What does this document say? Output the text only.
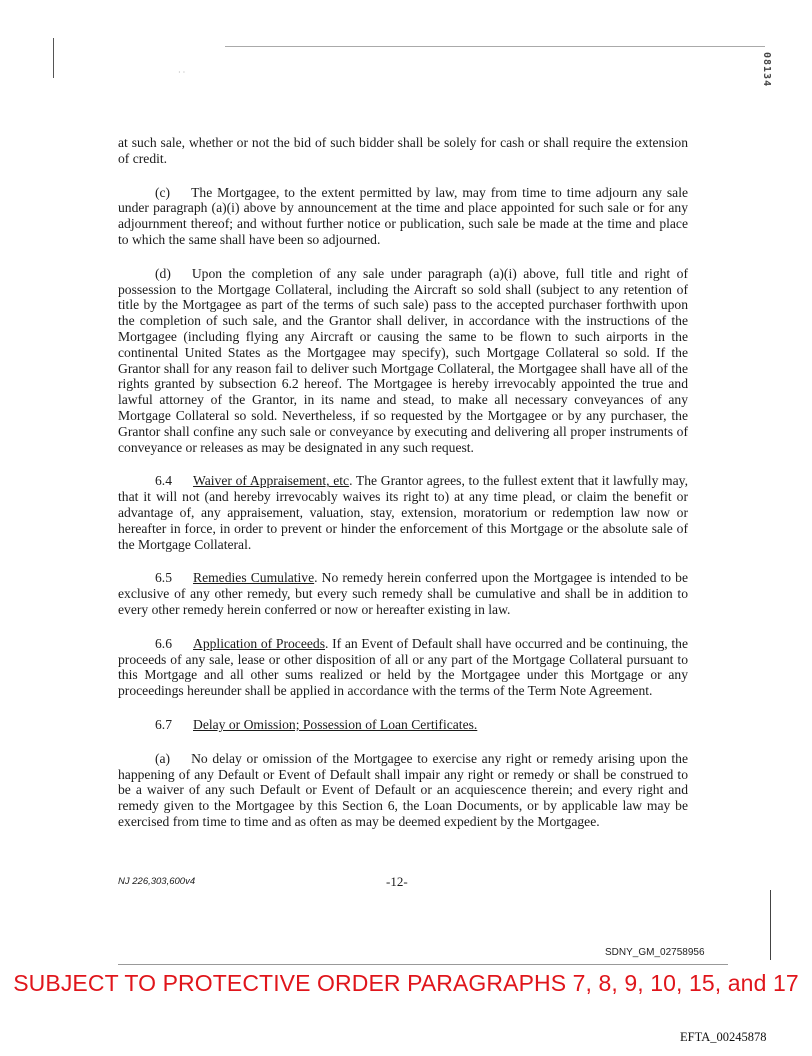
· ·	08134

at such sale, whether or not the bid of such bidder shall be solely for cash or shall require the extension of credit.

(c) The Mortgagee, to the extent permitted by law, may from time to time adjourn any sale under paragraph (a)(i) above by announcement at the time and place appointed for such sale or for any adjournment thereof; and without further notice or publication, such sale be made at the time and place to which the same shall have been so adjourned.

(d) Upon the completion of any sale under paragraph (a)(i) above, full title and right of possession to the Mortgage Collateral, including the Aircraft so sold shall (subject to any retention of title by the Mortgagee as part of the terms of such sale) pass to the accepted purchaser forthwith upon the completion of such sale, and the Grantor shall deliver, in accordance with the instructions of the Mortgagee (including flying any Aircraft or causing the same to be flown to such airports in the continental United States as the Mortgagee may specify), such Mortgage Collateral so sold. If the Grantor shall for any reason fail to deliver such Mortgage Collateral, the Mortgagee shall have all of the rights granted by subsection 6.2 hereof. The Mortgagee is hereby irrevocably appointed the true and lawful attorney of the Grantor, in its name and stead, to make all necessary conveyances of any Mortgage Collateral so sold. Nevertheless, if so requested by the Mortgagee or by any purchaser, the Grantor shall confine any such sale or conveyance by executing and delivering all proper instruments of conveyance or releases as may be designated in any such request.

6.4 Waiver of Appraisement, etc. The Grantor agrees, to the fullest extent that it lawfully may, that it will not (and hereby irrevocably waives its right to) at any time plead, or claim the benefit or advantage of, any appraisement, valuation, stay, extension, moratorium or redemption law now or hereafter in force, in order to prevent or hinder the enforcement of this Mortgage or the absolute sale of the Mortgage Collateral.

6.5 Remedies Cumulative. No remedy herein conferred upon the Mortgagee is intended to be exclusive of any other remedy, but every such remedy shall be cumulative and shall be in addition to every other remedy herein conferred or now or hereafter existing in law.

6.6 Application of Proceeds. If an Event of Default shall have occurred and be continuing, the proceeds of any sale, lease or other disposition of all or any part of the Mortgage Collateral pursuant to this Mortgage and all other sums realized or held by the Mortgagee under this Mortgage or any proceedings hereunder shall be applied in accordance with the terms of the Term Note Agreement.

6.7 Delay or Omission; Possession of Loan Certificates.

(a) No delay or omission of the Mortgagee to exercise any right or remedy arising upon the happening of any Default or Event of Default shall impair any right or remedy or shall be construed to be a waiver of any such Default or Event of Default or an acquiescence therein; and every right and remedy given to the Mortgagee by this Section 6, the Loan Documents, or by applicable law may be exercised from time to time and as often as may be deemed expedient by the Mortgagee.

NJ 226,303,600v4	-12-
SDNY_GM_02758956
SUBJECT TO PROTECTIVE ORDER PARAGRAPHS 7, 8, 9, 10, 15, and 17
EFTA_00245878
